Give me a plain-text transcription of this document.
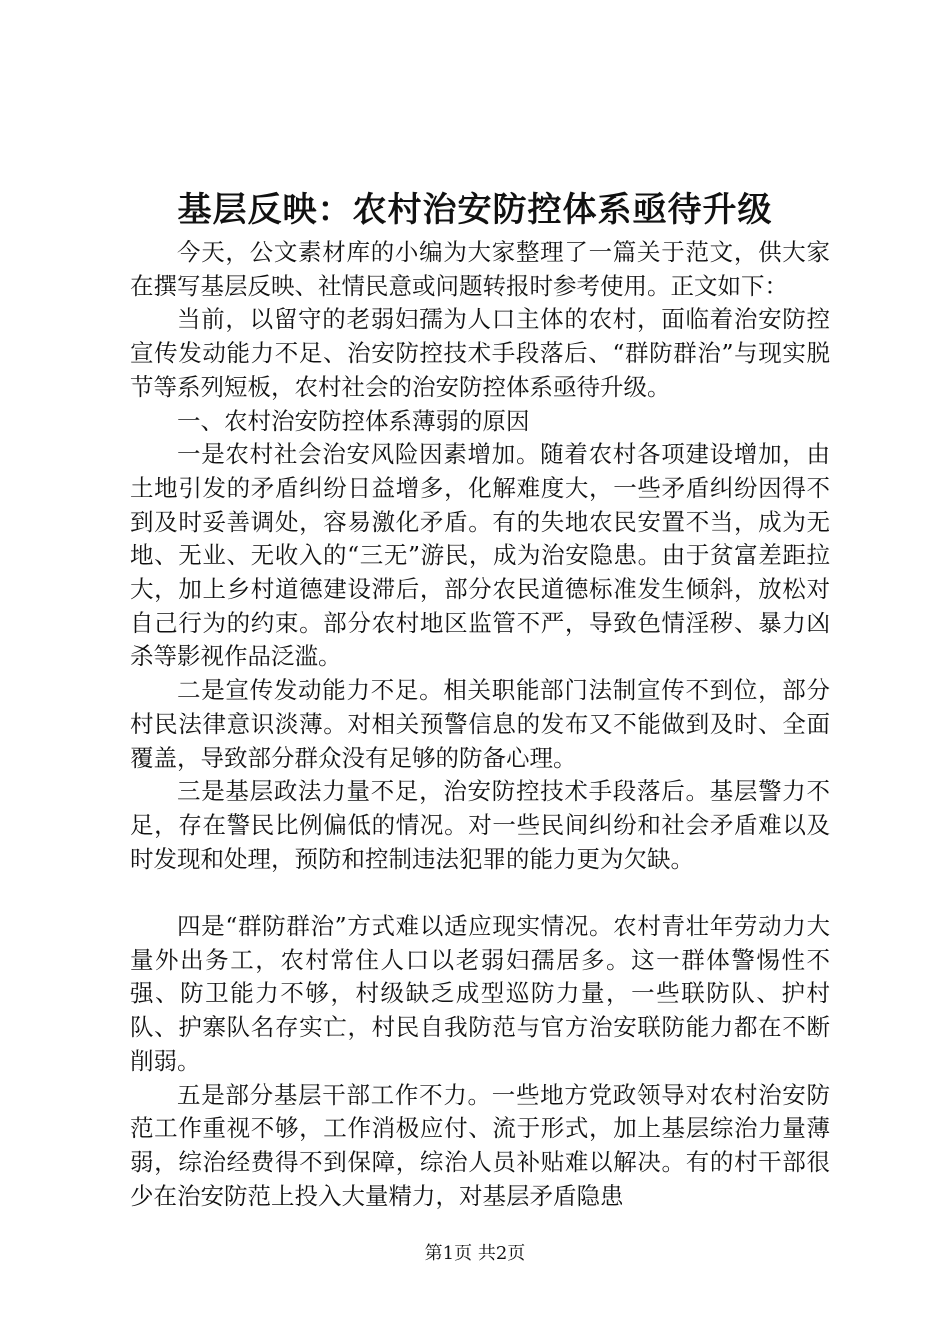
基层反映：农村治安防控体系亟待升级

今天，公文素材库的小编为大家整理了一篇关于范文，供大家在撰写基层反映、社情民意或问题转报时参考使用。正文如下：

当前，以留守的老弱妇孺为人口主体的农村，面临着治安防控宣传发动能力不足、治安防控技术手段落后、“群防群治”与现实脱节等系列短板，农村社会的治安防控体系亟待升级。

一、农村治安防控体系薄弱的原因

一是农村社会治安风险因素增加。随着农村各项建设增加，由土地引发的矛盾纠纷日益增多，化解难度大，一些矛盾纠纷因得不到及时妥善调处，容易激化矛盾。有的失地农民安置不当，成为无地、无业、无收入的“三无”游民，成为治安隐患。由于贫富差距拉大，加上乡村道德建设滞后，部分农民道德标准发生倾斜，放松对自己行为的约束。部分农村地区监管不严，导致色情淫秽、暴力凶杀等影视作品泛滥。

二是宣传发动能力不足。相关职能部门法制宣传不到位，部分村民法律意识淡薄。对相关预警信息的发布又不能做到及时、全面覆盖，导致部分群众没有足够的防备心理。

三是基层政法力量不足，治安防控技术手段落后。基层警力不足，存在警民比例偏低的情况。对一些民间纠纷和社会矛盾难以及时发现和处理，预防和控制违法犯罪的能力更为欠缺。

四是“群防群治”方式难以适应现实情况。农村青壮年劳动力大量外出务工，农村常住人口以老弱妇孺居多。这一群体警惕性不强、防卫能力不够，村级缺乏成型巡防力量，一些联防队、护村队、护寨队名存实亡，村民自我防范与官方治安联防能力都在不断削弱。

五是部分基层干部工作不力。一些地方党政领导对农村治安防范工作重视不够，工作消极应付、流于形式，加上基层综治力量薄弱，综治经费得不到保障，综治人员补贴难以解决。有的村干部很少在治安防范上投入大量精力，对基层矛盾隐患

第1页 共2页
